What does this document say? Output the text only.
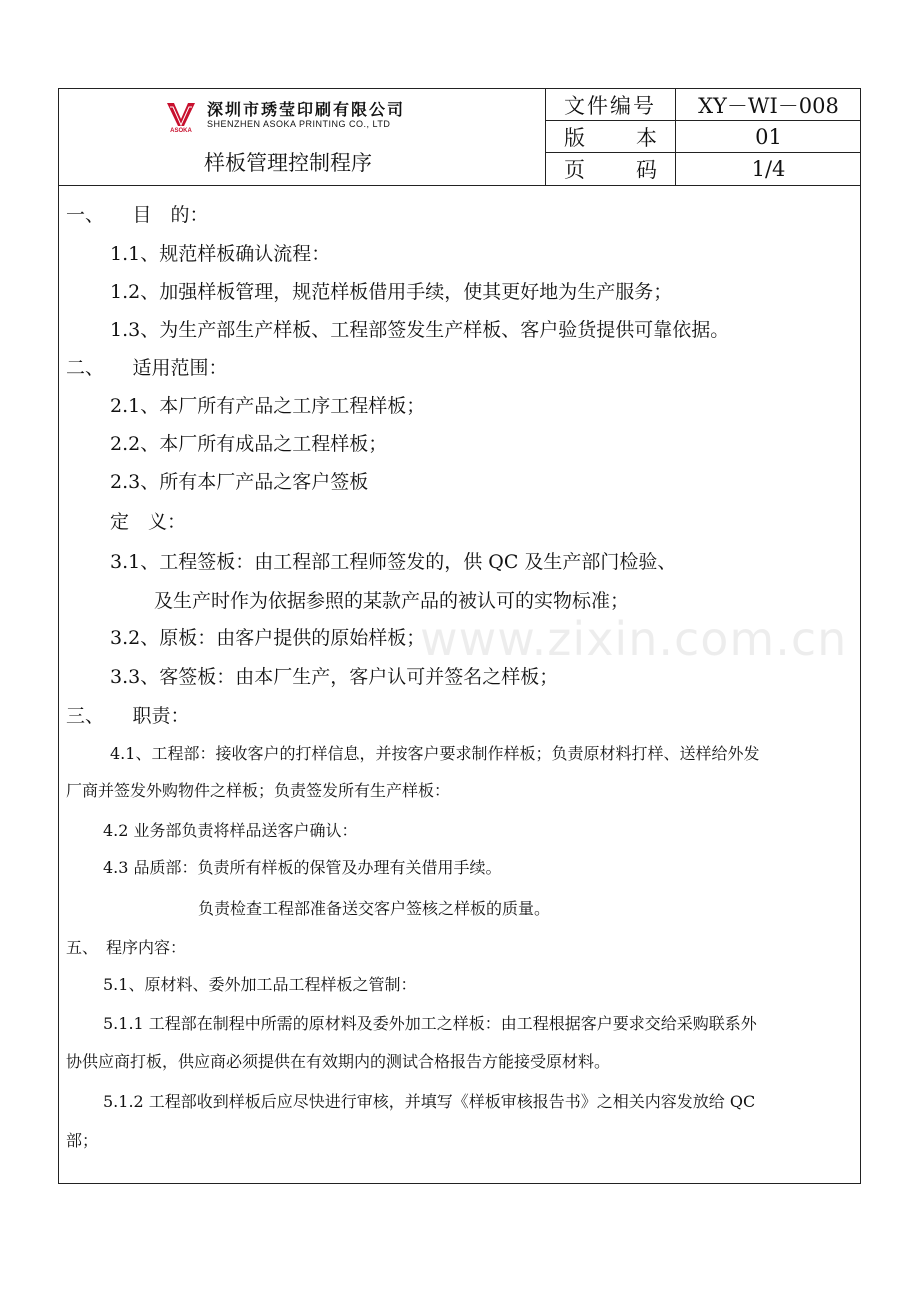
ASOKA
深圳市琇莹印刷有限公司
SHENZHEN ASOKA PRINTING CO., LTD
样板管理控制程序
文件编号	XY－WI－008
版 本	01
页 码	1/4
一、　　目　的：
1.1、规范样板确认流程：
1.2、加强样板管理，规范样板借用手续，使其更好地为生产服务；
1.3、为生产部生产样板、工程部签发生产样板、客户验货提供可靠依据。
二、　　适用范围：
2.1、本厂所有产品之工序工程样板；
2.2、本厂所有成品之工程样板；
2.3、所有本厂产品之客户签板
定　义：
3.1、工程签板：由工程部工程师签发的，供 QC 及生产部门检验、
及生产时作为依据参照的某款产品的被认可的实物标准；
3.2、原板：由客户提供的原始样板；
3.3、客签板：由本厂生产，客户认可并签名之样板；
三、　　职责：
4.1、工程部：接收客户的打样信息，并按客户要求制作样板；负责原材料打样、送样给外发
厂商并签发外购物件之样板；负责签发所有生产样板：
4.2 业务部负责将样品送客户确认：
4.3 品质部：负责所有样板的保管及办理有关借用手续。
负责检查工程部准备送交客户签核之样板的质量。
五、　程序内容：
5.1、原材料、委外加工品工程样板之管制：
5.1.1 工程部在制程中所需的原材料及委外加工之样板：由工程根据客户要求交给采购联系外
协供应商打板，供应商必须提供在有效期内的测试合格报告方能接受原材料。
5.1.2 工程部收到样板后应尽快进行审核，并填写《样板审核报告书》之相关内容发放给 QC
部；
www.zixin.com.cn
